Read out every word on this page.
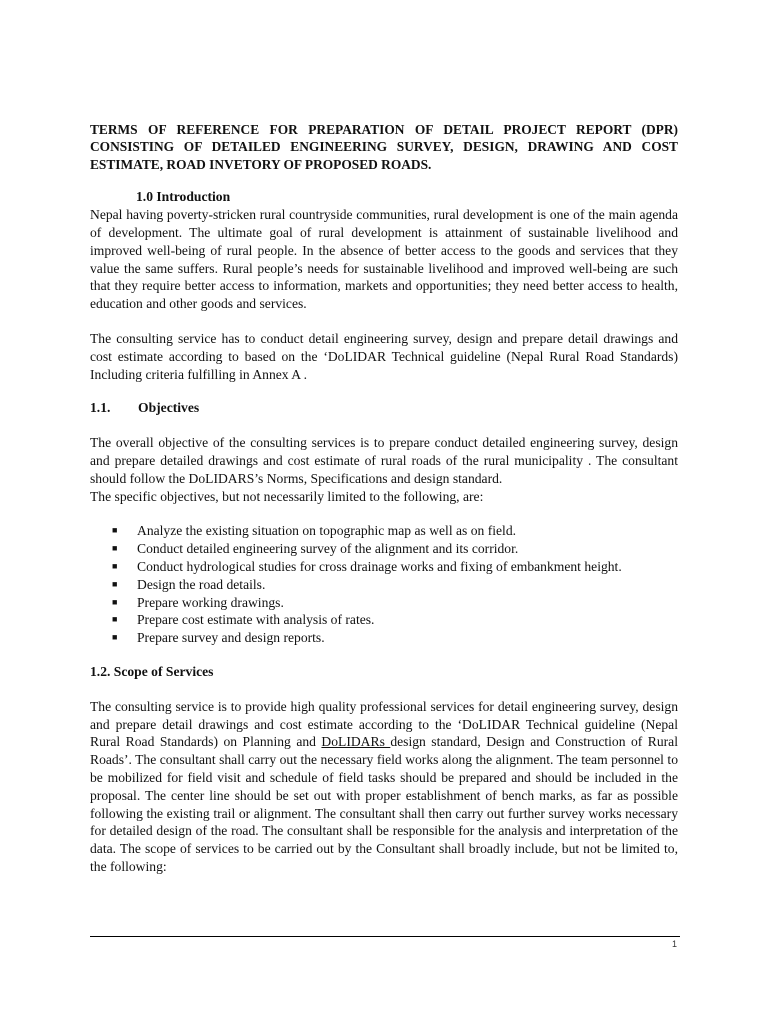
TERMS OF REFERENCE FOR PREPARATION OF DETAIL PROJECT REPORT (DPR) CONSISTING OF DETAILED ENGINEERING SURVEY, DESIGN, DRAWING AND COST ESTIMATE, ROAD INVETORY OF PROPOSED ROADS.

1.0 Introduction

Nepal having poverty-stricken rural countryside communities, rural development is one of the main agenda of development. The ultimate goal of rural development is attainment of sustainable livelihood and improved well-being of rural people. In the absence of better access to the goods and services that they value the same suffers. Rural people’s needs for sustainable livelihood and improved well-being are such that they require better access to information, markets and opportunities; they need better access to health, education and other goods and services.

The consulting service has to conduct detail engineering survey, design and prepare detail drawings and cost estimate according to based on the ‘DoLIDAR Technical guideline (Nepal Rural Road Standards) Including criteria fulfilling in Annex A .

1.1.	Objectives

The overall objective of the consulting services is to prepare conduct detailed engineering survey, design and prepare detailed drawings and cost estimate of rural roads of the rural municipality . The consultant should follow the DoLIDARS’s Norms, Specifications and design standard.

The specific objectives, but not necessarily limited to the following, are:

■ Analyze the existing situation on topographic map as well as on field.
■ Conduct detailed engineering survey of the alignment and its corridor.
■ Conduct hydrological studies for cross drainage works and fixing of embankment height.
■ Design the road details.
■ Prepare working drawings.
■ Prepare cost estimate with analysis of rates.
■ Prepare survey and design reports.
1.2. Scope of Services

The consulting service is to provide high quality professional services for detail engineering survey, design and prepare detail drawings and cost estimate according to the ‘DoLIDAR Technical guideline (Nepal Rural Road Standards) on Planning and DoLIDARs design standard, Design and Construction of Rural Roads’. The consultant shall carry out the necessary field works along the alignment. The team personnel to be mobilized for field visit and schedule of field tasks should be prepared and should be included in the proposal. The center line should be set out with proper establishment of bench marks, as far as possible following the existing trail or alignment. The consultant shall then carry out further survey works necessary for detailed design of the road. The consultant shall be responsible for the analysis and interpretation of the data. The scope of services to be carried out by the Consultant shall broadly include, but not be limited to, the following:

1
